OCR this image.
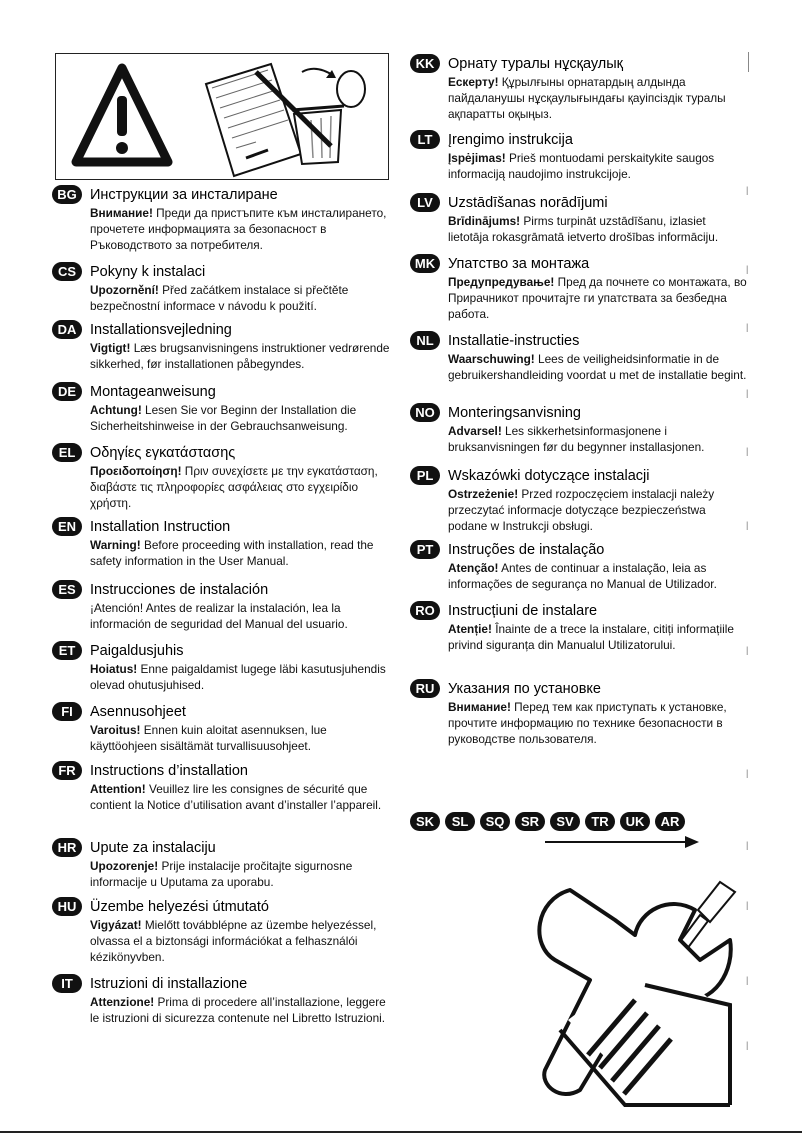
BG Инструкции за инсталиране
Внимание! Преди да пристъпите към инсталирането, прочетете информацията за безопасност в Ръководството за потребителя.
CS Pokyny k instalaci
Upozornění! Před začátkem instalace si přečtěte bezpečnostní informace v návodu k použití.
DA Installationsvejledning
Vigtigt! Læs brugsanvisningens instruktioner vedrørende sikkerhed, før installationen påbegyndes.
DE Montageanweisung
Achtung! Lesen Sie vor Beginn der Installation die Sicherheitshinweise in der Gebrauchsanweisung.
EL	Οδηγίες εγκατάστασης
Προειδοποίηση! Πριν συνεχίσετε με την εγκατάσταση, διαβάστε τις πληροφορίες ασφάλειας στο εγχειρίδιο χρήστη.
EN Installation Instruction
Warning! Before proceeding with installation, read the safety information in the User Manual.
ES Instrucciones de instalación
¡Atención! Antes de realizar la instalación, lea la información de seguridad del Manual del usuario.
ET	Paigaldusjuhis
Hoiatus! Enne paigaldamist lugege läbi kasutusjuhendis olevad ohutusjuhised.
FI	Asennusohjeet
Varoitus! Ennen kuin aloitat asennuksen, lue käyttöohjeen sisältämät turvallisuusohjeet.
FR Instructions d’installation
Attention! Veuillez lire les consignes de sécurité que contient la Notice d’utilisation avant d’installer l’appareil.
HR Upute za instalaciju
Upozorenje! Prije instalacije pročitajte sigurnosne informacije u Uputama za uporabu.
HU Üzembe helyezési útmutató
Vigyázat! Mielőtt továbblépne az üzembe helyezéssel, olvassa el a biztonsági információkat a felhasználói kézikönyvben.
IT	Istruzioni di installazione
Attenzione! Prima di procedere all’installazione, leggere le istruzioni di sicurezza contenute nel Libretto Istruzioni.
KK Орнату туралы нұсқаулық
Ескерту! Құрылғыны орнатардың алдында пайдаланушы нұсқаулығындағы қауіпсіздік туралы ақпаратты оқыңыз.
LT	Įrengimo instrukcija
Įspėjimas! Prieš montuodami perskaitykite saugos informaciją naudojimo instrukcijoje.
LV	Uzstādīšanas norādījumi
Brīdinājums! Pirms turpināt uzstādīšanu, izlasiet lietotāja rokasgrāmatā ietverto drošības informāciju.
MK Упатство за монтажа
Предупредување! Пред да почнете со монтажата, во Прирачникот прочитајте ги упатствата за безбедна работа.
NL Installatie-instructies
Waarschuwing! Lees de veiligheidsinformatie in de gebruikershandleiding voordat u met de installatie begint.
NO Monteringsanvisning
Advarsel! Les sikkerhetsinformasjonene i bruksanvisningen før du begynner installasjonen.
PL	Wskazówki dotyczące instalacji
Ostrzeżenie! Przed rozpoczęciem instalacji należy przeczytać informacje dotyczące bezpieczeństwa podane w Instrukcji obsługi.
PT	Instruções de instalação
Atenção! Antes de continuar a instalação, leia as informações de segurança no Manual de Utilizador.
RO Instrucțiuni de instalare
Atenție! Înainte de a trece la instalare, citiți informațiile privind siguranța din Manualul Utilizatorului.
RU Указания по установке
Внимание! Перед тем как приступать к установке, прочтите информацию по технике безопасности в руководстве пользователя.
|
|
|
|
|
|
|
|
|
|
|
|
SK	SL	SQ	SR	SV	TR	UK	AR
